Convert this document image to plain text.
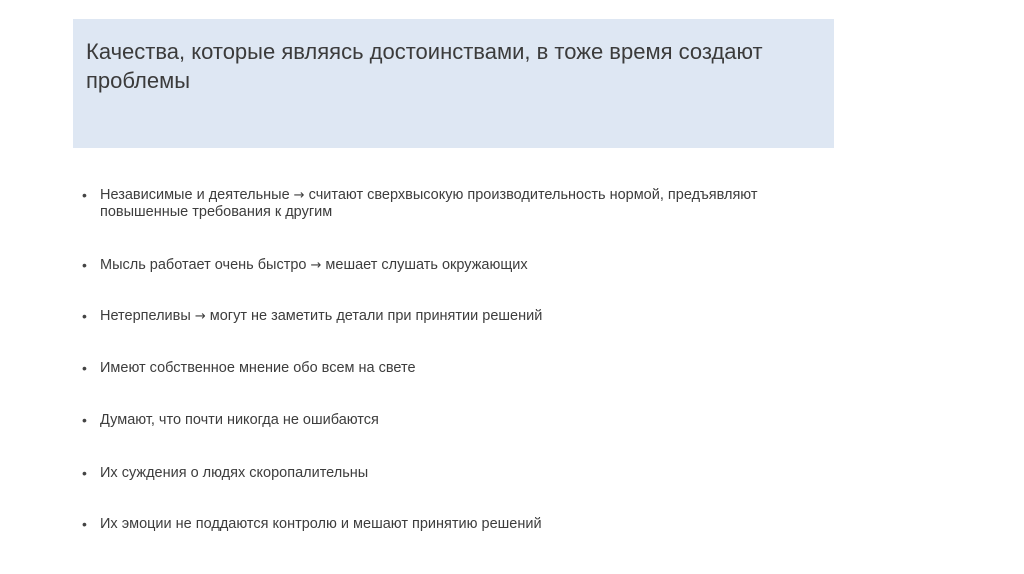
Качества, которые являясь достоинствами, в тоже время создают проблемы
• Независимые и деятельные → считают сверхвысокую производительность нормой, предъявляют повышенные требования к другим
• Мысль работает очень быстро → мешает слушать окружающих
• Нетерпеливы → могут не заметить детали при принятии решений
• Имеют собственное мнение обо всем на свете
• Думают, что почти никогда не ошибаются
• Их суждения о людях скоропалительны
• Их эмоции не поддаются контролю и мешают принятию решений
